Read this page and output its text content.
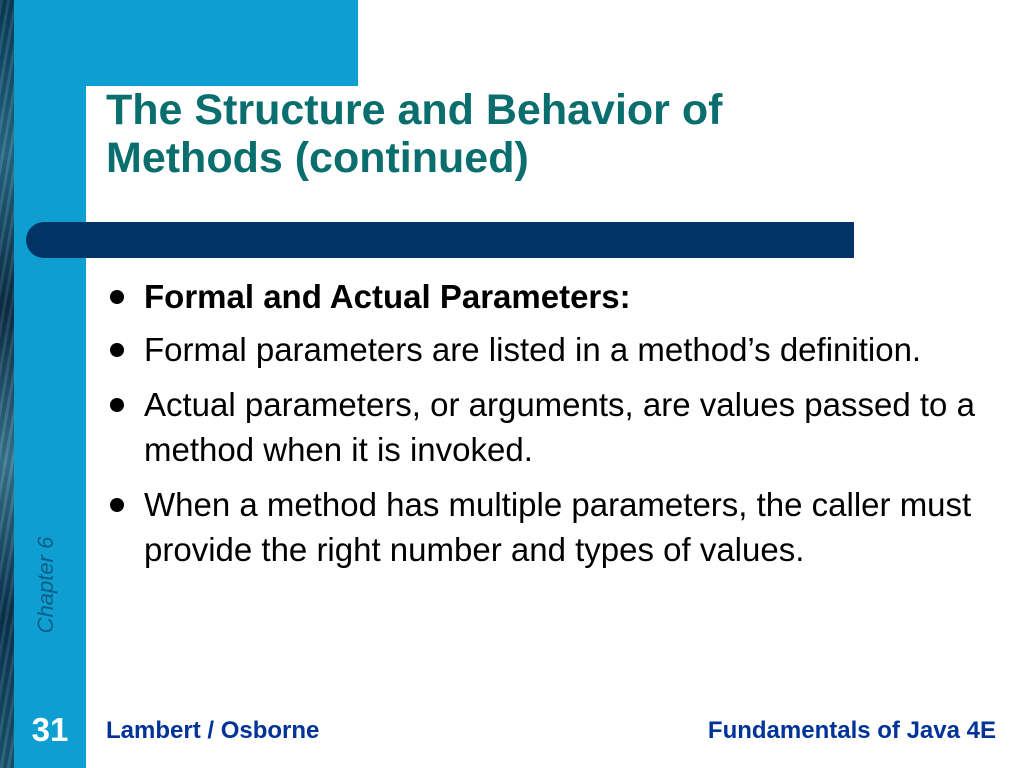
The Structure and Behavior of
Methods (continued)
Formal and Actual Parameters:
Formal parameters are listed in a method’s definition.
Actual parameters, or arguments, are values passed to a method when it is invoked.
When a method has multiple parameters, the caller must provide the right number and types of values.
Chapter 6
31	Lambert / Osborne	Fundamentals of Java 4E
